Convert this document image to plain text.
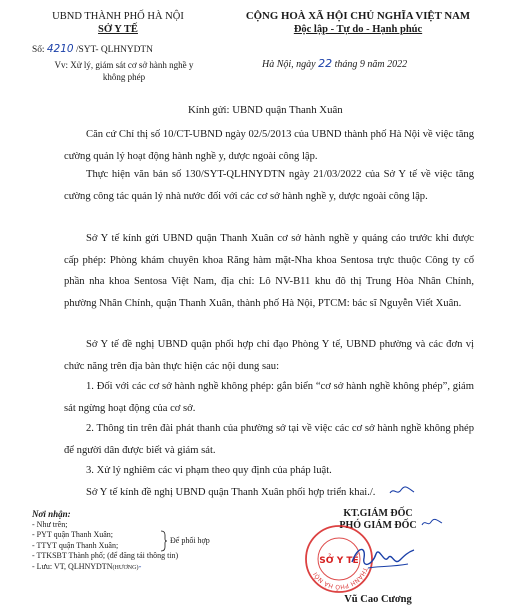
UBND THÀNH PHỐ HÀ NỘI
SỞ Y TẾ
Số: 4210 /SYT- QLHNYDTN
Vv: Xử lý, giám sát cơ sở hành nghề y
không phép
CỘNG HOÀ XÃ HỘI CHỦ NGHĨA VIỆT NAM
Độc lập - Tự do - Hạnh phúc
Hà Nội, ngày 22 tháng 9 năm 2022
Kính gửi: UBND quận Thanh Xuân
Căn cứ Chỉ thị số 10/CT-UBND ngày 02/5/2013 của UBND thành phố Hà Nội về việc tăng cường quản lý hoạt động hành nghề y, dược ngoài công lập.
Thực hiện văn bản số 130/SYT-QLHNYDTN ngày 21/03/2022 của Sở Y tế về việc tăng cường công tác quản lý nhà nước đối với các cơ sở hành nghề y, dược ngoài công lập.
Sở Y tế kính gửi UBND quận Thanh Xuân cơ sở hành nghề y quảng cáo trước khi được cấp phép: Phòng khám chuyên khoa Răng hàm mặt-Nha khoa Sentosa trực thuộc Công ty cổ phần nha khoa Sentosa Việt Nam, địa chỉ: Lô NV-B11 khu đô thị Trung Hòa Nhân Chính, phường Nhân Chính, quận Thanh Xuân, thành phố Hà Nội, PTCM: bác sĩ Nguyễn Viết Xuân.
Sở Y tế đề nghị UBND quận phối hợp chỉ đạo Phòng Y tế, UBND phường và các đơn vị chức năng trên địa bàn thực hiện các nội dung sau:
1. Đối với các cơ sở hành nghề không phép: gắn biển “cơ sở hành nghề không phép”, giám sát ngừng hoạt động của cơ sở.
2. Thông tin trên đài phát thanh của phường sở tại về việc các cơ sở hành nghề không phép để người dân được biết và giám sát.
3. Xử lý nghiêm các vi phạm theo quy định của pháp luật.
Sở Y tế kính đề nghị UBND quận Thanh Xuân phối hợp triển khai./.
Nơi nhận:
- Như trên;
- PYT quận Thanh Xuân;
- TTYT quận Thanh Xuân;
- TTKSBT Thành phố; (để đăng tải thông tin)
- Lưu: VT, QLHNYDTN(HƯƠNG)-
Để phối hợp
KT.GIÁM ĐỐC
PHÓ GIÁM ĐỐC
THÀNH PHỐ HÀ NỘI
SỞ Y TẾ
Vũ Cao Cương
